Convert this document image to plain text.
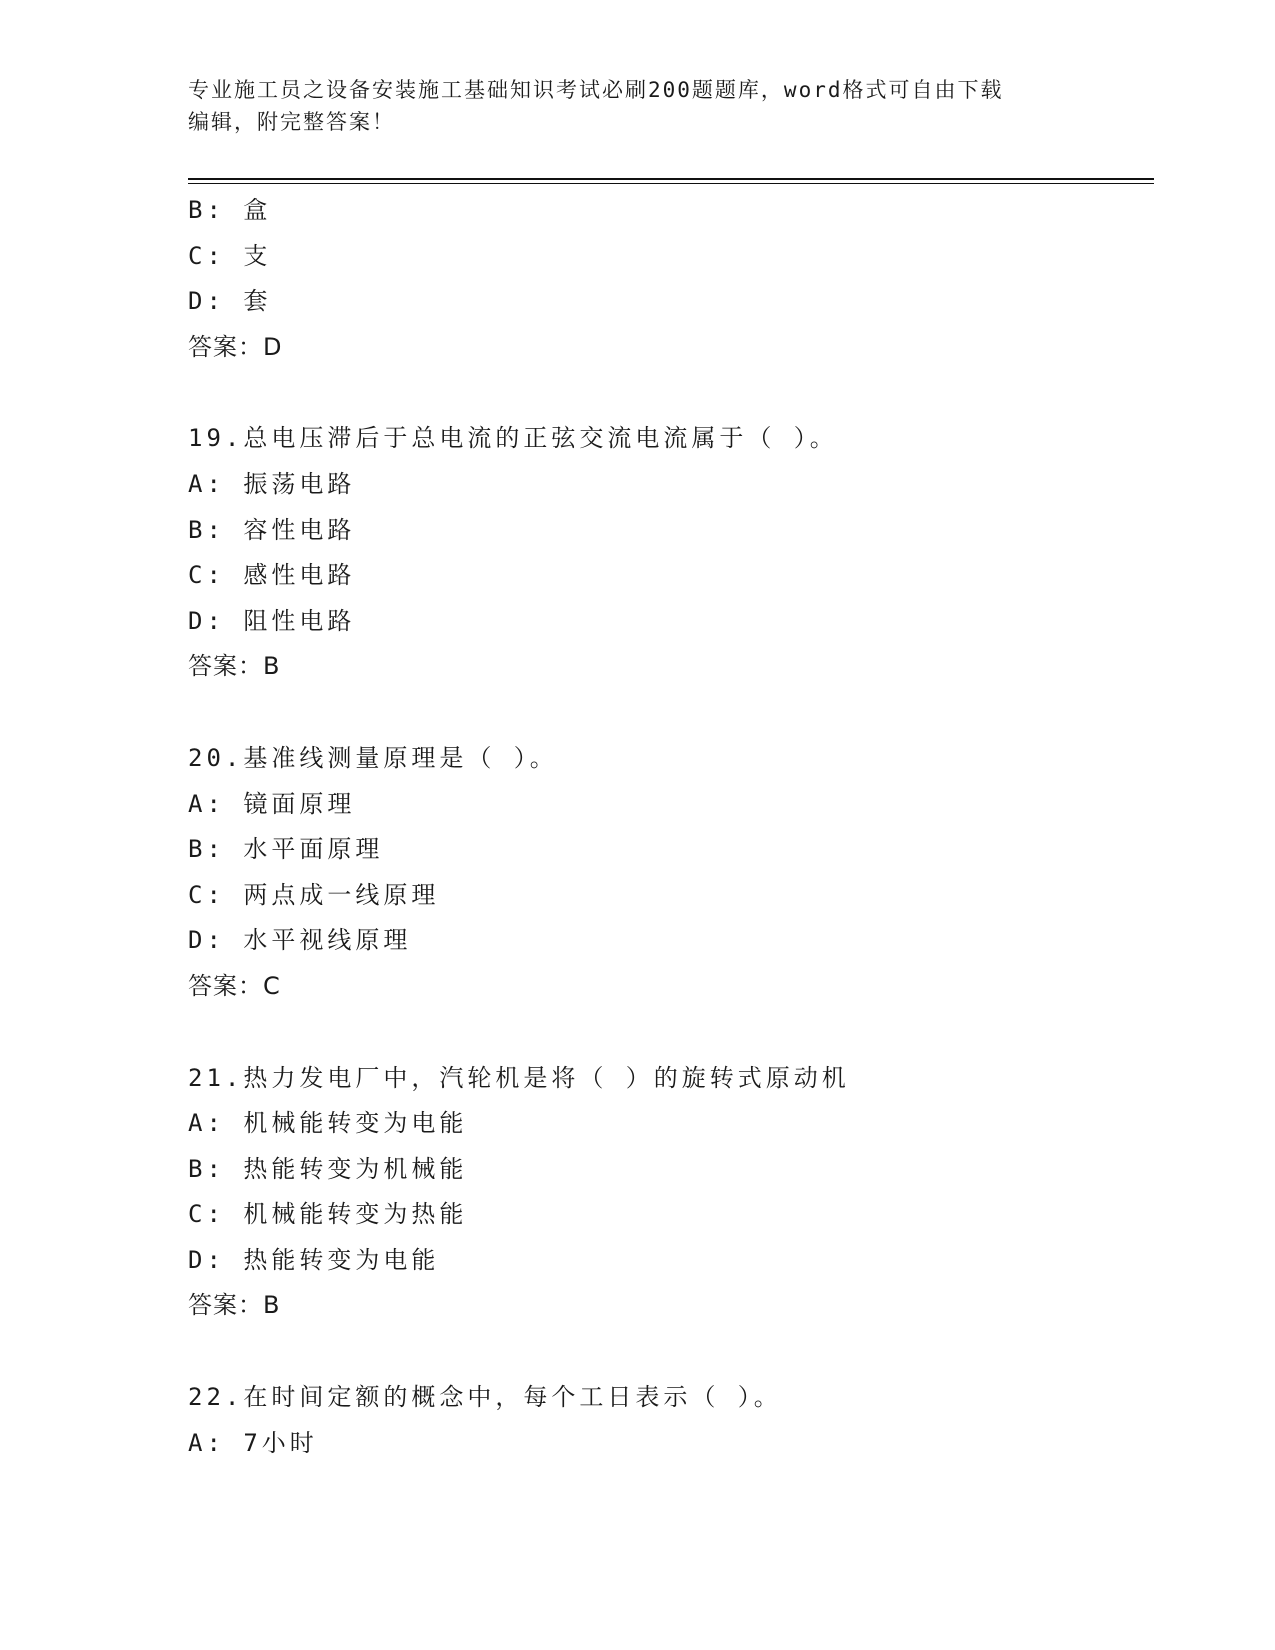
专业施工员之设备安装施工基础知识考试必刷200题题库，word格式可自由下载
编辑，附完整答案！
B: 盒
C: 支
D: 套
答案：D
19.总电压滞后于总电流的正弦交流电流属于（ ）。
A: 振荡电路
B: 容性电路
C: 感性电路
D: 阻性电路
答案：B
20.基准线测量原理是（ ）。
A: 镜面原理
B: 水平面原理
C: 两点成一线原理
D: 水平视线原理
答案：C
21.热力发电厂中，汽轮机是将（ ）的旋转式原动机
A: 机械能转变为电能
B: 热能转变为机械能
C: 机械能转变为热能
D: 热能转变为电能
答案：B
22.在时间定额的概念中，每个工日表示（ ）。
A: 7小时
